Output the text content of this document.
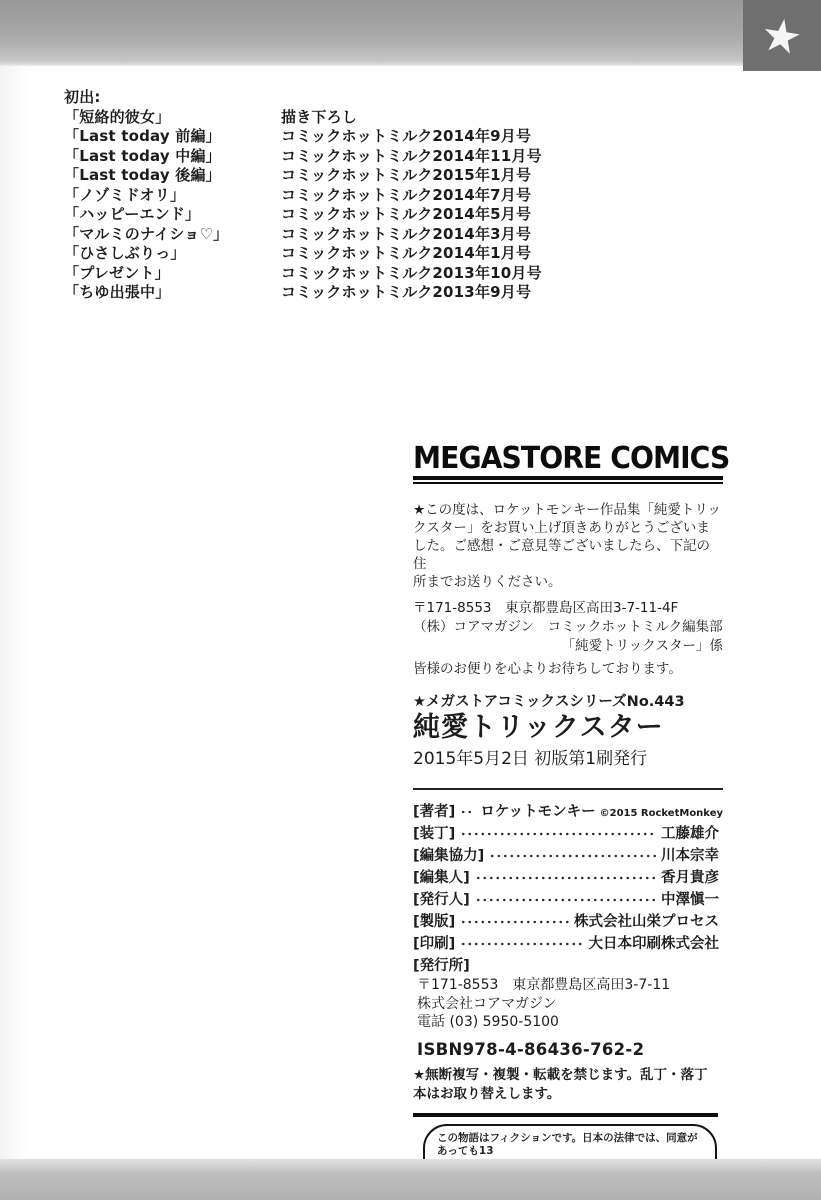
★
初出:
「短絡的彼女」	描き下ろし
「Last today 前編」	コミックホットミルク2014年9月号
「Last today 中編」	コミックホットミルク2014年11月号
「Last today 後編」	コミックホットミルク2015年1月号
「ノゾミドオリ」	コミックホットミルク2014年7月号
「ハッピーエンド」	コミックホットミルク2014年5月号
「マルミのナイショ♡」	コミックホットミルク2014年3月号
「ひさしぶりっ」	コミックホットミルク2014年1月号
「プレゼント」	コミックホットミルク2013年10月号
「ちゆ出張中」	コミックホットミルク2013年9月号
MEGASTORE COMICS
★この度は、ロケットモンキー作品集「純愛トリッ
クスター」をお買い上げ頂きありがとうございま
した。ご感想・ご意見等ございましたら、下記の住
所までお送りください。
〒171-8553　東京都豊島区高田3-7-11-4F
（株）コアマガジン　コミックホットミルク編集部
「純愛トリックスター」係
皆様のお便りを心よりお待ちしております。
★メガストアコミックスシリーズNo.443
純愛トリックスター
2015年5月2日 初版第1刷発行
[著者] ロケットモンキー ©2015 RocketMonkey
[装丁]	工藤雄介
[編集協力]	川本宗幸
[編集人]	香月貴彦
[発行人]	中澤愼一
[製版]	株式会社山栄プロセス
[印刷]	大日本印刷株式会社
[発行所]
〒171-8553　東京都豊島区高田3-7-11
株式会社コアマガジン
電話 (03) 5950-5100
ISBN978-4-86436-762-2
★無断複写・複製・転載を禁じます。乱丁・落丁
本はお取り替えします。
この物語はフィクションです。日本の法律では、同意があっても13
